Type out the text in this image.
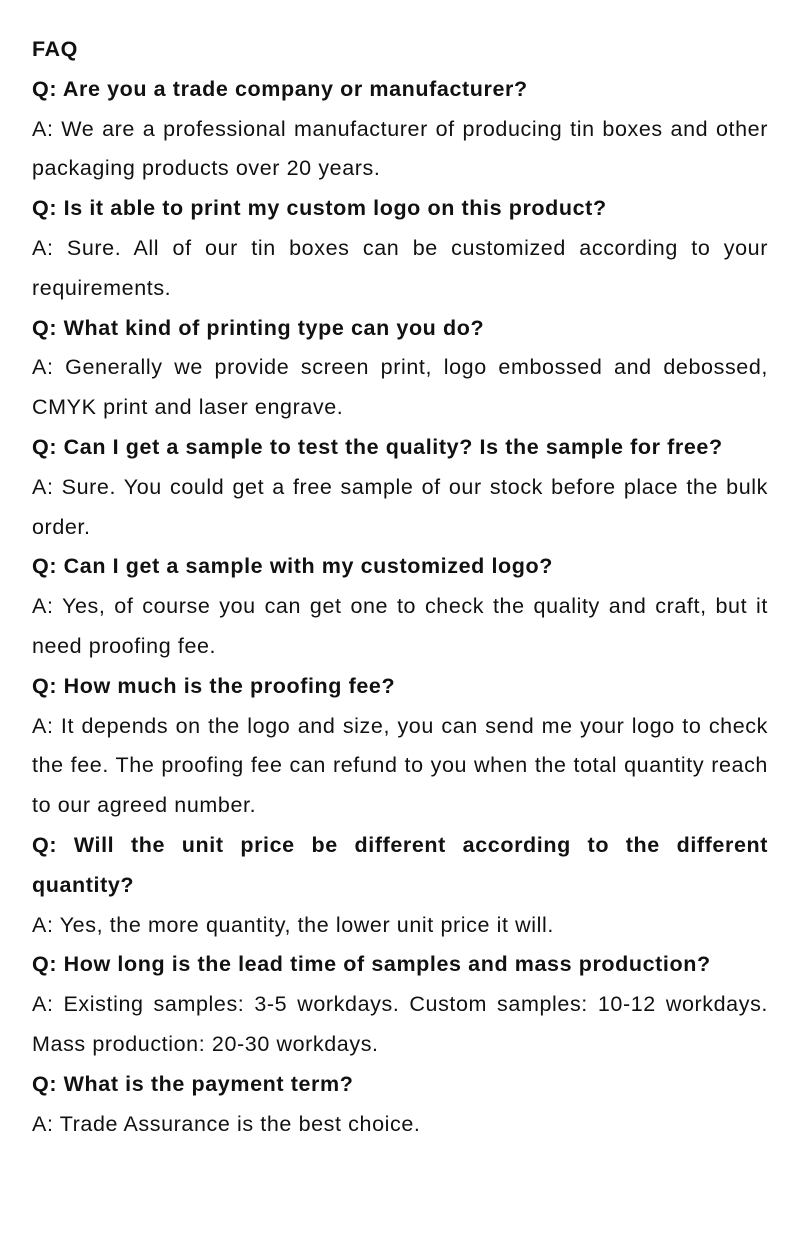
FAQ

Q: Are you a trade company or manufacturer?

A: We are a professional manufacturer of producing tin boxes and other packaging products over 20 years.

Q: Is it able to print my custom logo on this product?

A: Sure. All of our tin boxes can be customized according to your requirements.

Q: What kind of printing type can you do?

A: Generally we provide screen print, logo embossed and debossed, CMYK print and laser engrave.

Q: Can I get a sample to test the quality? Is the sample for free?

A: Sure. You could get a free sample of our stock before place the bulk order.

Q: Can I get a sample with my customized logo?

A: Yes, of course you can get one to check the quality and craft, but it need proofing fee.

Q: How much is the proofing fee?

A: It depends on the logo and size, you can send me your logo to check the fee. The proofing fee can refund to you when the total quantity reach to our agreed number.

Q: Will the unit price be different according to the different quantity?

A: Yes, the more quantity, the lower unit price it will.

Q: How long is the lead time of samples and mass production?

A: Existing samples: 3-5 workdays. Custom samples: 10-12 workdays. Mass production: 20-30 workdays.

Q: What is the payment term?

A: Trade Assurance is the best choice.
